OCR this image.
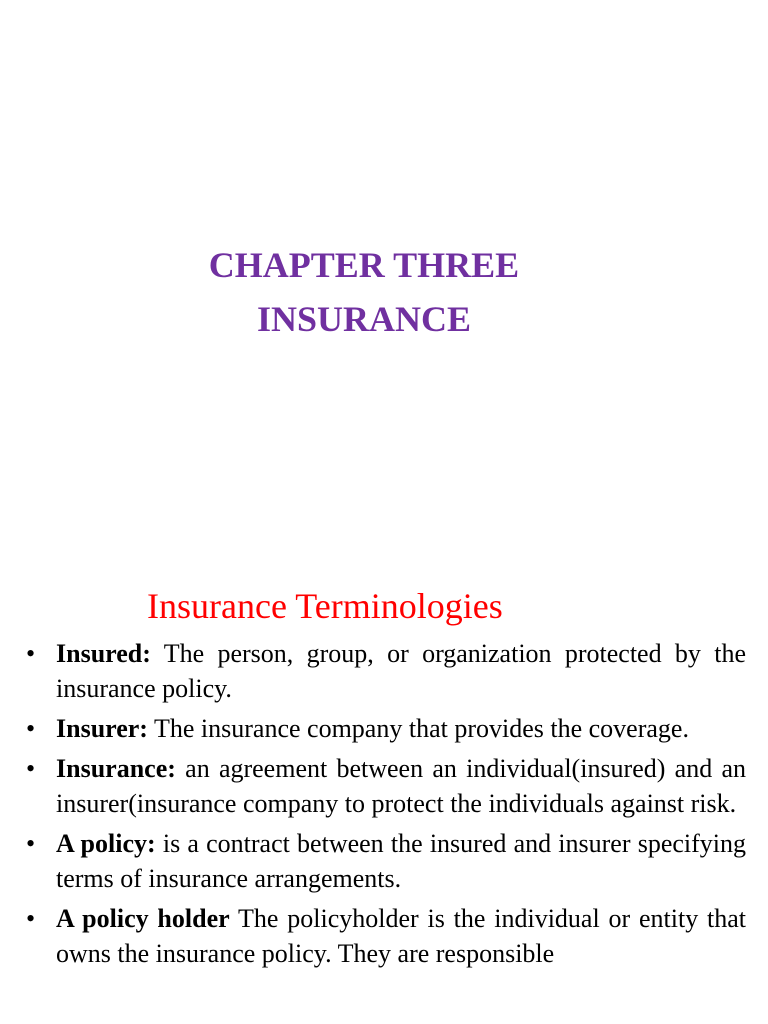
CHAPTER THREE
INSURANCE
Insurance Terminologies
• Insured: The person, group, or organization protected by the insurance policy.
• Insurer: The insurance company that provides the coverage.
• Insurance: an agreement between an individual(insured) and an insurer(insurance company to protect the individuals against risk.
• A policy: is a contract between the insured and insurer specifying terms of insurance arrangements.
• A policy holder The policyholder is the individual or entity that owns the insurance policy. They are responsible
